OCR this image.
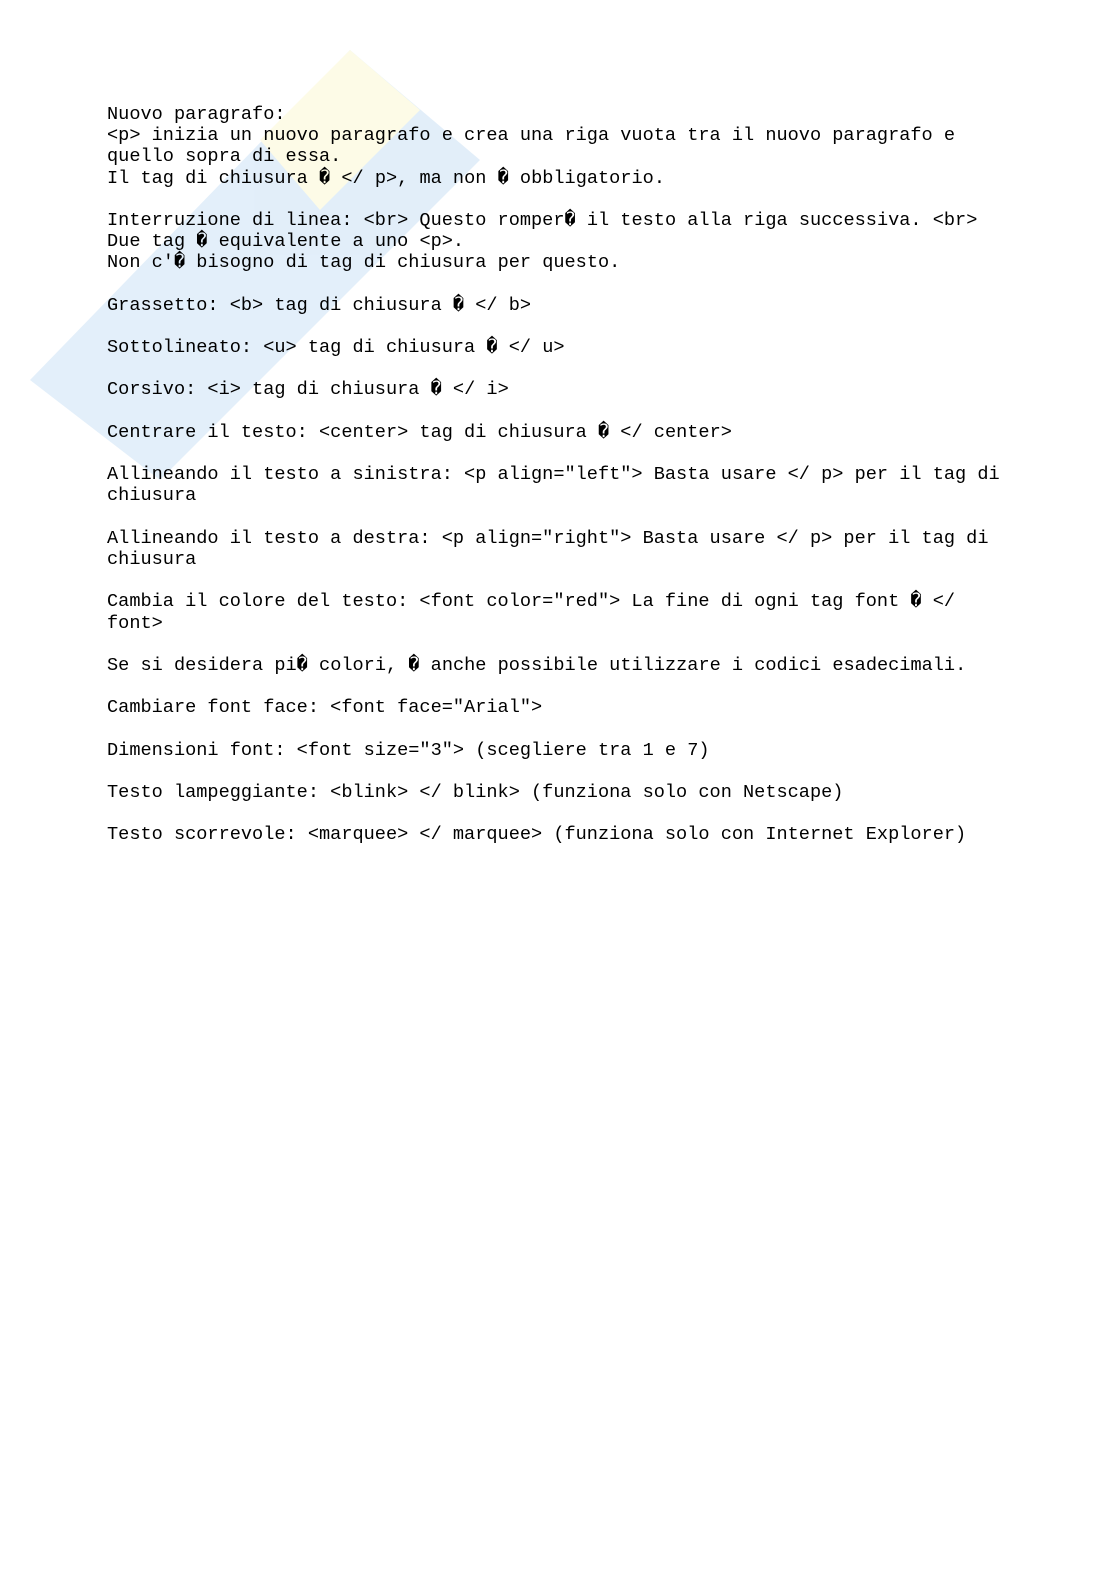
Nuovo paragrafo:
<p> inizia un nuovo paragrafo e crea una riga vuota tra il nuovo paragrafo e
quello sopra di essa.
Il tag di chiusura � </ p>, ma non � obbligatorio.
Interruzione di linea: <br> Questo romper� il testo alla riga successiva. <br>
Due tag � equivalente a uno <p>.
Non c'� bisogno di tag di chiusura per questo.
Grassetto: <b> tag di chiusura � </ b>
Sottolineato: <u> tag di chiusura � </ u>
Corsivo: <i> tag di chiusura � </ i>
Centrare il testo: <center> tag di chiusura � </ center>
Allineando il testo a sinistra: <p align="left"> Basta usare </ p> per il tag di
chiusura
Allineando il testo a destra: <p align="right"> Basta usare </ p> per il tag di
chiusura
Cambia il colore del testo: <font color="red"> La fine di ogni tag font � </
font>
Se si desidera pi� colori, � anche possibile utilizzare i codici esadecimali.
Cambiare font face: <font face="Arial">
Dimensioni font: <font size="3"> (scegliere tra 1 e 7)
Testo lampeggiante: <blink> </ blink> (funziona solo con Netscape)
Testo scorrevole: <marquee> </ marquee> (funziona solo con Internet Explorer)
